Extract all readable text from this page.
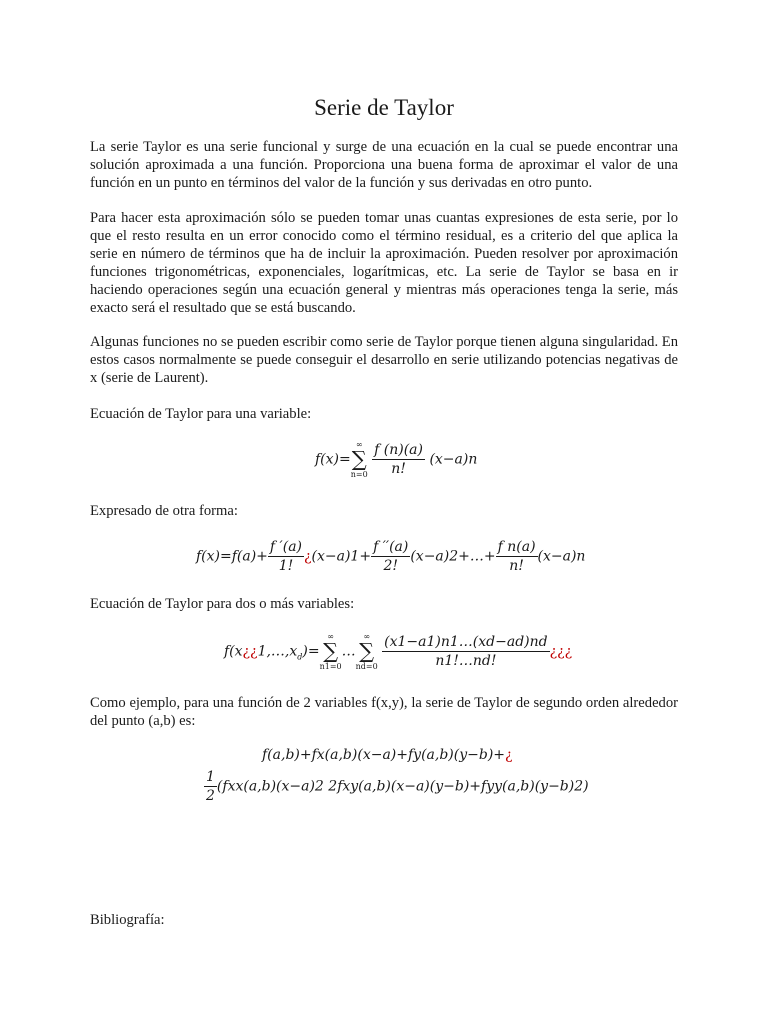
Serie de Taylor

La serie Taylor es una serie funcional y surge de una ecuación en la cual se puede encontrar una solución aproximada a una función. Proporciona una buena forma de aproximar el valor de una función en un punto en términos del valor de la función y sus derivadas en otro punto.

Para hacer esta aproximación sólo se pueden tomar unas cuantas expresiones de esta serie, por lo que el resto resulta en un error conocido como el término residual, es a criterio del que aplica la serie en número de términos que ha de incluir la aproximación. Pueden resolver por aproximación funciones trigonométricas, exponenciales, logarítmicas, etc. La serie de Taylor se basa en ir haciendo operaciones según una ecuación general y mientras más operaciones tenga la serie, más exacto será el resultado que se está buscando.

Algunas funciones no se pueden escribir como serie de Taylor porque tienen alguna singularidad. En estos casos normalmente se puede conseguir el desarrollo en serie utilizando potencias negativas de x (serie de Laurent).

Ecuación de Taylor para una variable:

f(x)=
∞
∑
n=0
$\frac{f (n)(a)}{n!} (x-a)n$

Expresado de otra forma:

$f(x)=f(a)+ \frac{f '(a)}{1!}$ ¿$(x-a)1+ \frac{f ''(a)}{2!}$ (x−a)2+…+ $\frac{\text{f n(a)}}{n!} (x-a)n$

Ecuación de Taylor para dos o más variables:

$f(x¿¿1,\dots,x_d)=$
∞
∑
n1=0
…
∞
∑
nd=0
$\frac{(x1-a1)n1\dots(xd-ad)nd}{n1!\dots nd!}$ ¿¿¿

Como ejemplo, para una función de 2 variables f(x,y), la serie de Taylor de segundo orden alrededor del punto (a,b) es:

f(a,b)+fx(a,b)(x−a)+fy(a,b)(y−b)+¿
$\frac{1}{2} (fxx(a,b)(x-a)2$ 2fxy(a,b)(x−a)(y−b)+fyy(a,b)(y−b)2)

Bibliografía:
